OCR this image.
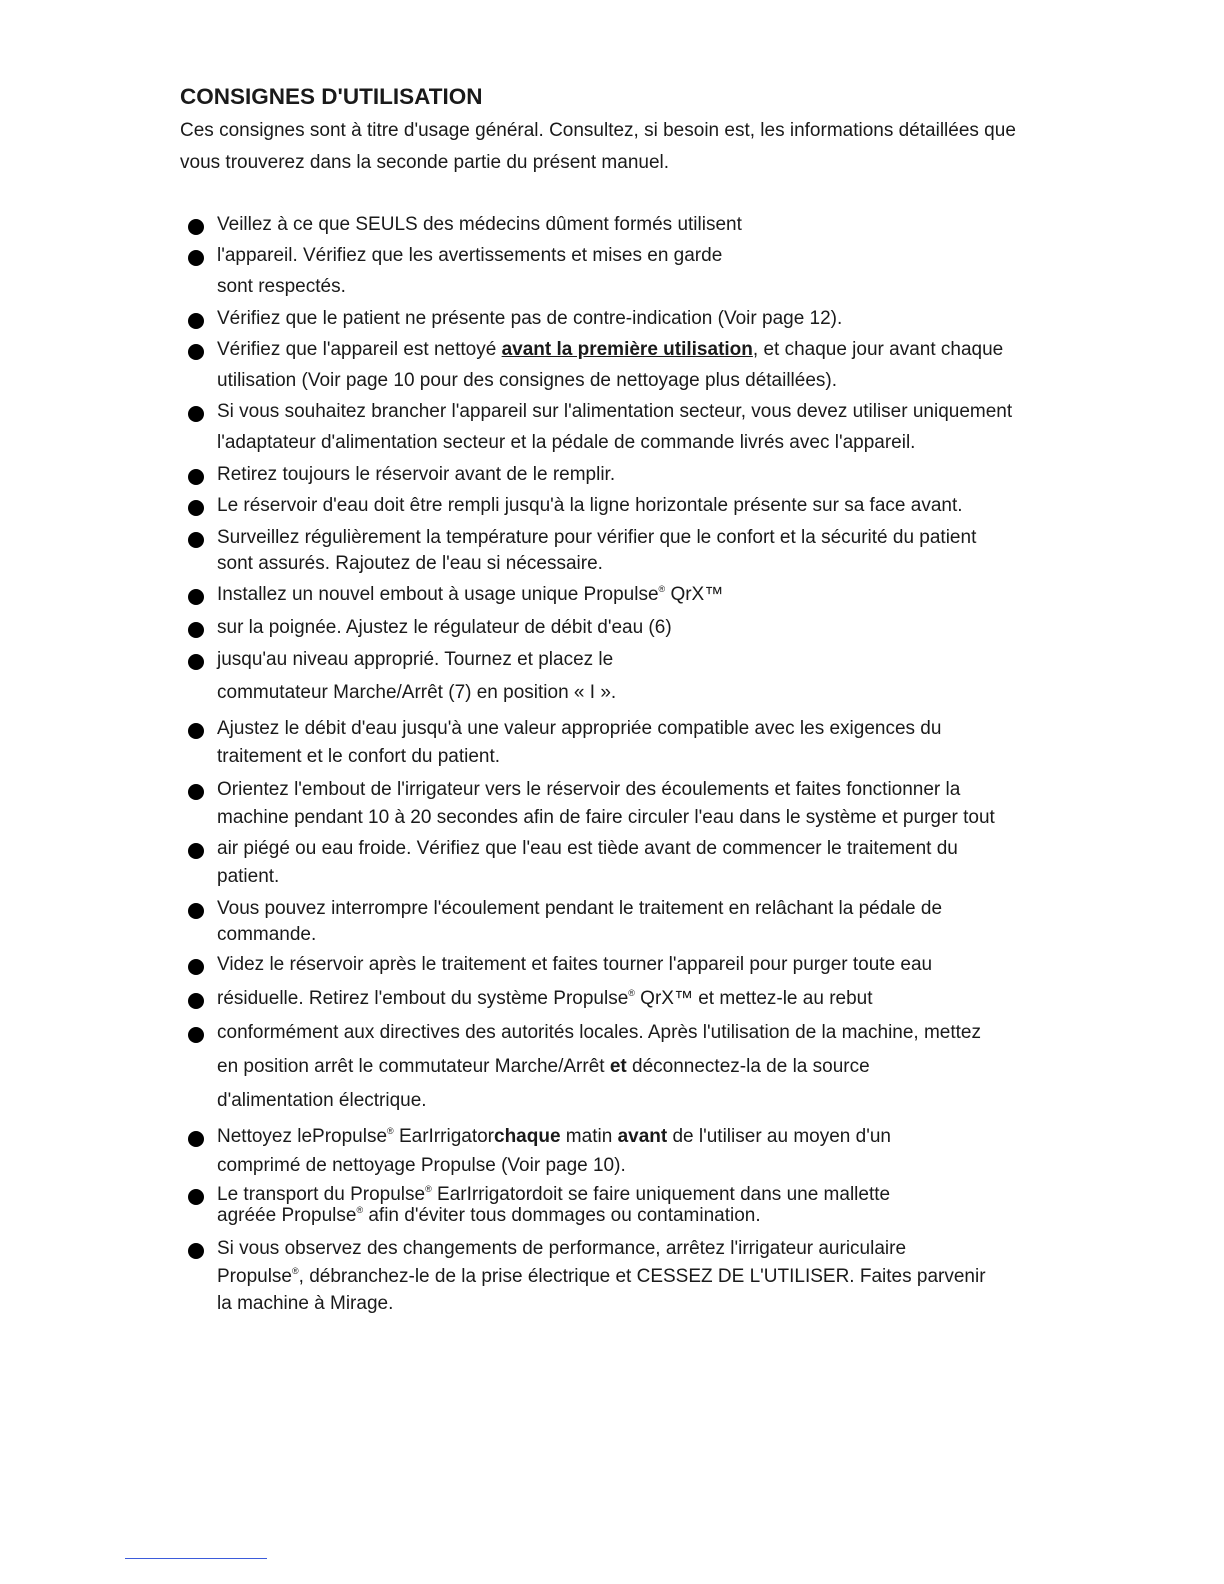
CONSIGNES D'UTILISATION

Ces consignes sont à titre d'usage général. Consultez, si besoin est, les informations détaillées que

vous trouverez dans la seconde partie du présent manuel.

Veillez à ce que SEULS des médecins dûment formés utilisent

l'appareil. Vérifiez que les avertissements et mises en garde

sont respectés.

Vérifiez que le patient ne présente pas de contre-indication (Voir page 12).

Vérifiez que l'appareil est nettoyé avant la première utilisation, et chaque jour avant chaque

utilisation (Voir page 10 pour des consignes de nettoyage plus détaillées).

Si vous souhaitez brancher l'appareil sur l'alimentation secteur, vous devez utiliser uniquement

l'adaptateur d'alimentation secteur et la pédale de commande livrés avec l'appareil.

Retirez toujours le réservoir avant de le remplir.

Le réservoir d'eau doit être rempli jusqu'à la ligne horizontale présente sur sa face avant.

Surveillez régulièrement la température pour vérifier que le confort et la sécurité du patient

sont assurés. Rajoutez de l'eau si nécessaire.

Installez un nouvel embout à usage unique Propulse® QrX™

sur la poignée. Ajustez le régulateur de débit d'eau (6)

jusqu'au niveau approprié. Tournez et placez le

commutateur Marche/Arrêt (7) en position « I ».

Ajustez le débit d'eau jusqu'à une valeur appropriée compatible avec les exigences du

traitement et le confort du patient.

Orientez l'embout de l'irrigateur vers le réservoir des écoulements et faites fonctionner la

machine pendant 10 à 20 secondes afin de faire circuler l'eau dans le système et purger tout

air piégé ou eau froide. Vérifiez que l'eau est tiède avant de commencer le traitement du

patient.

Vous pouvez interrompre l'écoulement pendant le traitement en relâchant la pédale de

commande.

Videz le réservoir après le traitement et faites tourner l'appareil pour purger toute eau

résiduelle. Retirez l'embout du système Propulse® QrX™ et mettez-le au rebut

conformément aux directives des autorités locales. Après l'utilisation de la machine, mettez

en position arrêt le commutateur Marche/Arrêt et déconnectez-la de la source

d'alimentation électrique.

Nettoyez lePropulse® EarIrrigatorchaque matin avant de l'utiliser au moyen d'un

comprimé de nettoyage Propulse (Voir page 10).

Le transport du Propulse® EarIrrigatordoit se faire uniquement dans une mallette

agréée Propulse® afin d'éviter tous dommages ou contamination.

Si vous observez des changements de performance, arrêtez l'irrigateur auriculaire

Propulse®, débranchez-le de la prise électrique et CESSEZ DE L'UTILISER. Faites parvenir

la machine à Mirage.
